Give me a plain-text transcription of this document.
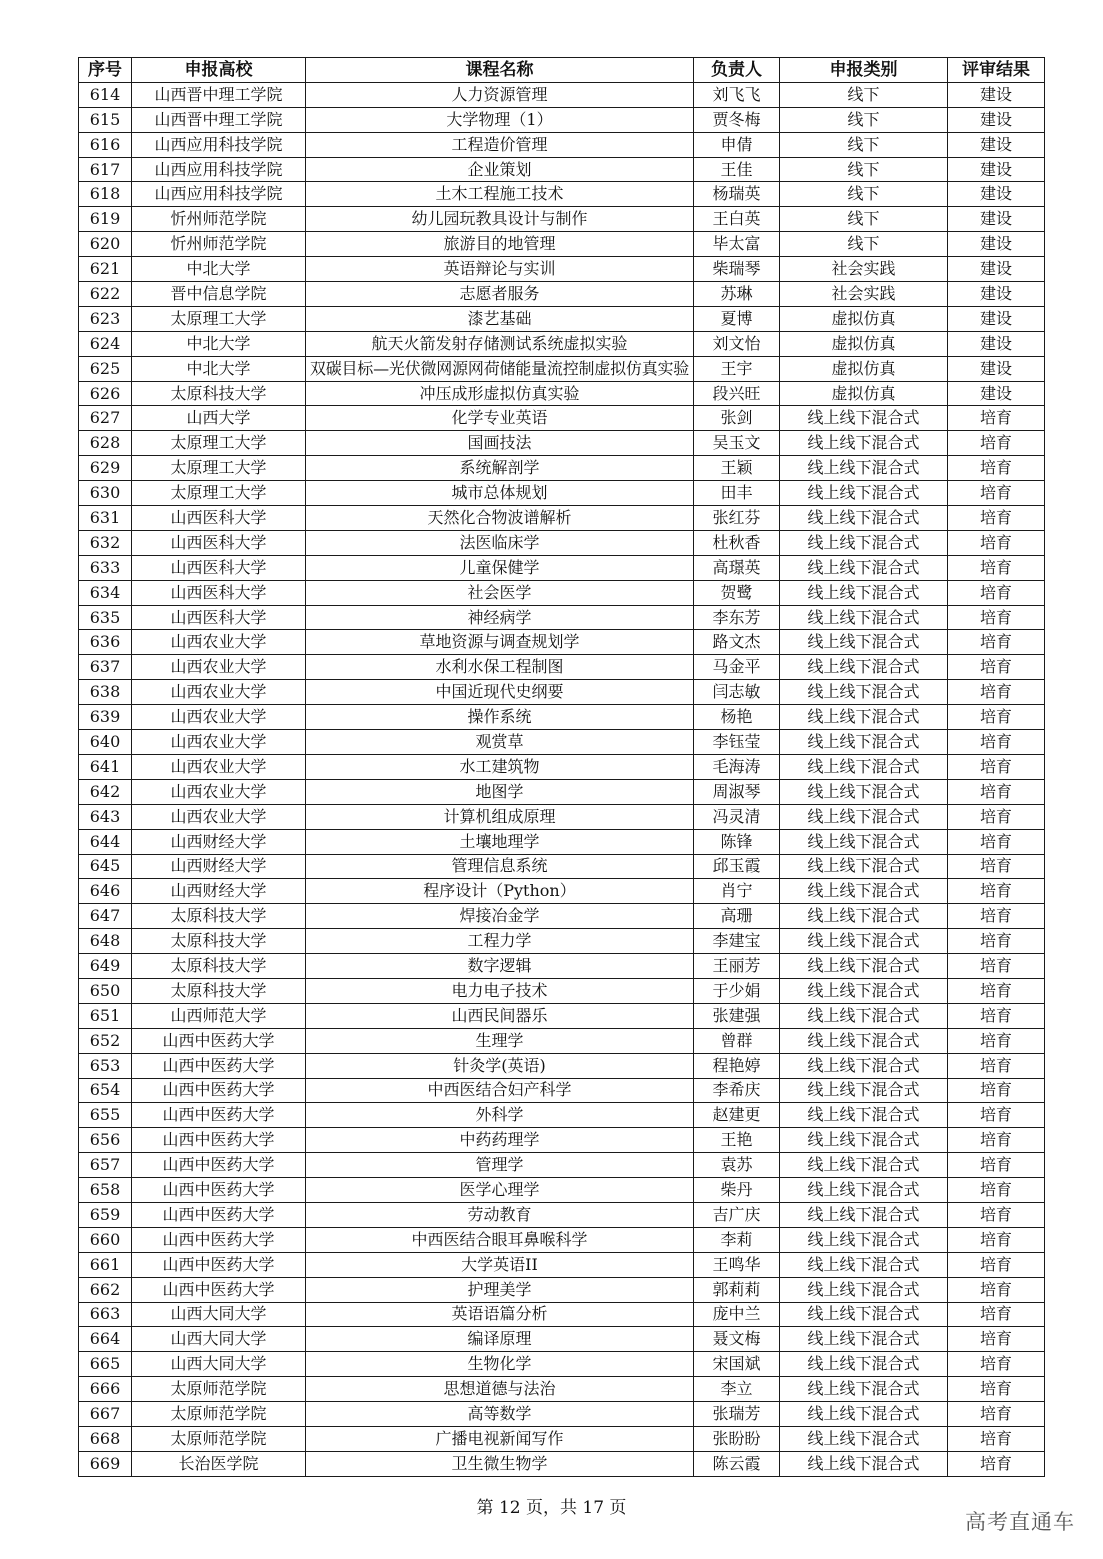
序号	申报高校	课程名称	负责人	申报类别	评审结果
614	山西晋中理工学院	人力资源管理	刘飞飞	线下	建设
615	山西晋中理工学院	大学物理（1）	贾冬梅	线下	建设
616	山西应用科技学院	工程造价管理	申倩	线下	建设
617	山西应用科技学院	企业策划	王佳	线下	建设
618	山西应用科技学院	土木工程施工技术	杨瑞英	线下	建设
619	忻州师范学院	幼儿园玩教具设计与制作	王白英	线下	建设
620	忻州师范学院	旅游目的地管理	毕太富	线下	建设
621	中北大学	英语辩论与实训	柴瑞琴	社会实践	建设
622	晋中信息学院	志愿者服务	苏琳	社会实践	建设
623	太原理工大学	漆艺基础	夏博	虚拟仿真	建设
624	中北大学	航天火箭发射存储测试系统虚拟实验	刘文怡	虚拟仿真	建设
625	中北大学	双碳目标—光伏微网源网荷储能量流控制虚拟仿真实验	王宇	虚拟仿真	建设
626	太原科技大学	冲压成形虚拟仿真实验	段兴旺	虚拟仿真	建设
627	山西大学	化学专业英语	张剑	线上线下混合式	培育
628	太原理工大学	国画技法	吴玉文	线上线下混合式	培育
629	太原理工大学	系统解剖学	王颖	线上线下混合式	培育
630	太原理工大学	城市总体规划	田丰	线上线下混合式	培育
631	山西医科大学	天然化合物波谱解析	张红芬	线上线下混合式	培育
632	山西医科大学	法医临床学	杜秋香	线上线下混合式	培育
633	山西医科大学	儿童保健学	高璟英	线上线下混合式	培育
634	山西医科大学	社会医学	贺鹭	线上线下混合式	培育
635	山西医科大学	神经病学	李东芳	线上线下混合式	培育
636	山西农业大学	草地资源与调查规划学	路文杰	线上线下混合式	培育
637	山西农业大学	水利水保工程制图	马金平	线上线下混合式	培育
638	山西农业大学	中国近现代史纲要	闫志敏	线上线下混合式	培育
639	山西农业大学	操作系统	杨艳	线上线下混合式	培育
640	山西农业大学	观赏草	李钰莹	线上线下混合式	培育
641	山西农业大学	水工建筑物	毛海涛	线上线下混合式	培育
642	山西农业大学	地图学	周淑琴	线上线下混合式	培育
643	山西农业大学	计算机组成原理	冯灵清	线上线下混合式	培育
644	山西财经大学	土壤地理学	陈锋	线上线下混合式	培育
645	山西财经大学	管理信息系统	邱玉霞	线上线下混合式	培育
646	山西财经大学	程序设计（Python）	肖宁	线上线下混合式	培育
647	太原科技大学	焊接冶金学	高珊	线上线下混合式	培育
648	太原科技大学	工程力学	李建宝	线上线下混合式	培育
649	太原科技大学	数字逻辑	王丽芳	线上线下混合式	培育
650	太原科技大学	电力电子技术	于少娟	线上线下混合式	培育
651	山西师范大学	山西民间器乐	张建强	线上线下混合式	培育
652	山西中医药大学	生理学	曾群	线上线下混合式	培育
653	山西中医药大学	针灸学(英语)	程艳婷	线上线下混合式	培育
654	山西中医药大学	中西医结合妇产科学	李希庆	线上线下混合式	培育
655	山西中医药大学	外科学	赵建更	线上线下混合式	培育
656	山西中医药大学	中药药理学	王艳	线上线下混合式	培育
657	山西中医药大学	管理学	袁苏	线上线下混合式	培育
658	山西中医药大学	医学心理学	柴丹	线上线下混合式	培育
659	山西中医药大学	劳动教育	吉广庆	线上线下混合式	培育
660	山西中医药大学	中西医结合眼耳鼻喉科学	李莉	线上线下混合式	培育
661	山西中医药大学	大学英语II	王鸣华	线上线下混合式	培育
662	山西中医药大学	护理美学	郭莉莉	线上线下混合式	培育
663	山西大同大学	英语语篇分析	庞中兰	线上线下混合式	培育
664	山西大同大学	编译原理	聂文梅	线上线下混合式	培育
665	山西大同大学	生物化学	宋国斌	线上线下混合式	培育
666	太原师范学院	思想道德与法治	李立	线上线下混合式	培育
667	太原师范学院	高等数学	张瑞芳	线上线下混合式	培育
668	太原师范学院	广播电视新闻写作	张盼盼	线上线下混合式	培育
669	长治医学院	卫生微生物学	陈云霞	线上线下混合式	培育
第 12 页，共 17 页
高考直通车
